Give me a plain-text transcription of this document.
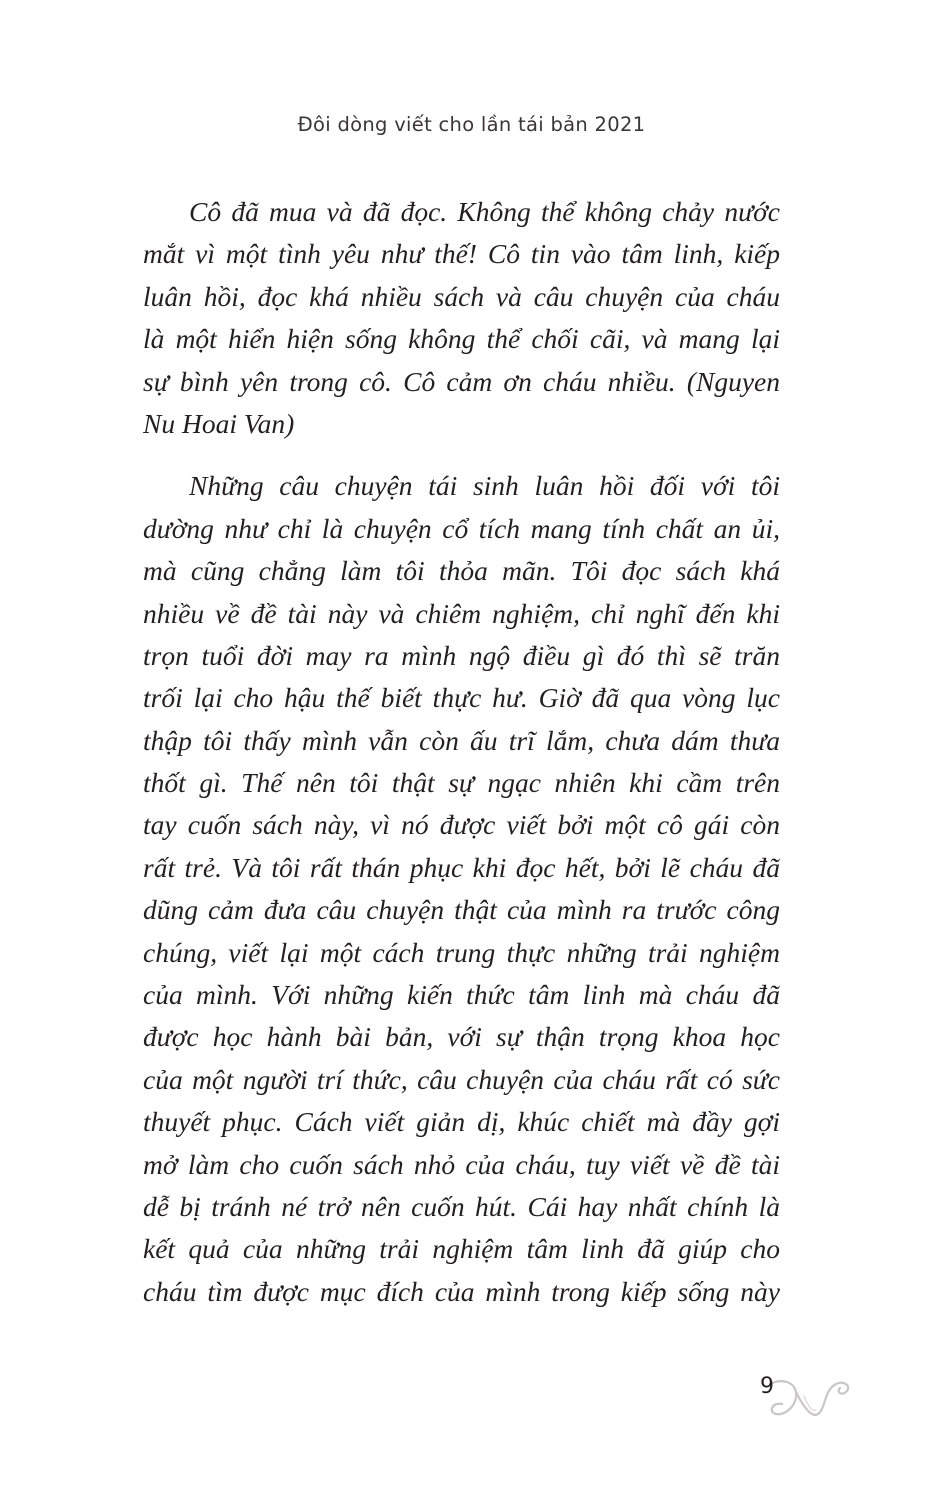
Đôi dòng viết cho lần tái bản 2021
Cô đã mua và đã đọc. Không thể không chảy nước
mắt vì một tình yêu như thế! Cô tin vào tâm linh, kiếp
luân hồi, đọc khá nhiều sách và câu chuyện của cháu
là một hiển hiện sống không thể chối cãi, và mang lại
sự bình yên trong cô. Cô cảm ơn cháu nhiều. (Nguyen
Nu Hoai Van)
Những câu chuyện tái sinh luân hồi đối với tôi
dường như chỉ là chuyện cổ tích mang tính chất an ủi,
mà cũng chẳng làm tôi thỏa mãn. Tôi đọc sách khá
nhiều về đề tài này và chiêm nghiệm, chỉ nghĩ đến khi
trọn tuổi đời may ra mình ngộ điều gì đó thì sẽ trăn
trối lại cho hậu thế biết thực hư. Giờ đã qua vòng lục
thập tôi thấy mình vẫn còn ấu trĩ lắm, chưa dám thưa
thốt gì. Thế nên tôi thật sự ngạc nhiên khi cầm trên
tay cuốn sách này, vì nó được viết bởi một cô gái còn
rất trẻ. Và tôi rất thán phục khi đọc hết, bởi lẽ cháu đã
dũng cảm đưa câu chuyện thật của mình ra trước công
chúng, viết lại một cách trung thực những trải nghiệm
của mình. Với những kiến thức tâm linh mà cháu đã
được học hành bài bản, với sự thận trọng khoa học
của một người trí thức, câu chuyện của cháu rất có sức
thuyết phục. Cách viết giản dị, khúc chiết mà đầy gợi
mở làm cho cuốn sách nhỏ của cháu, tuy viết về đề tài
dễ bị tránh né trở nên cuốn hút. Cái hay nhất chính là
kết quả của những trải nghiệm tâm linh đã giúp cho
cháu tìm được mục đích của mình trong kiếp sống này
9
